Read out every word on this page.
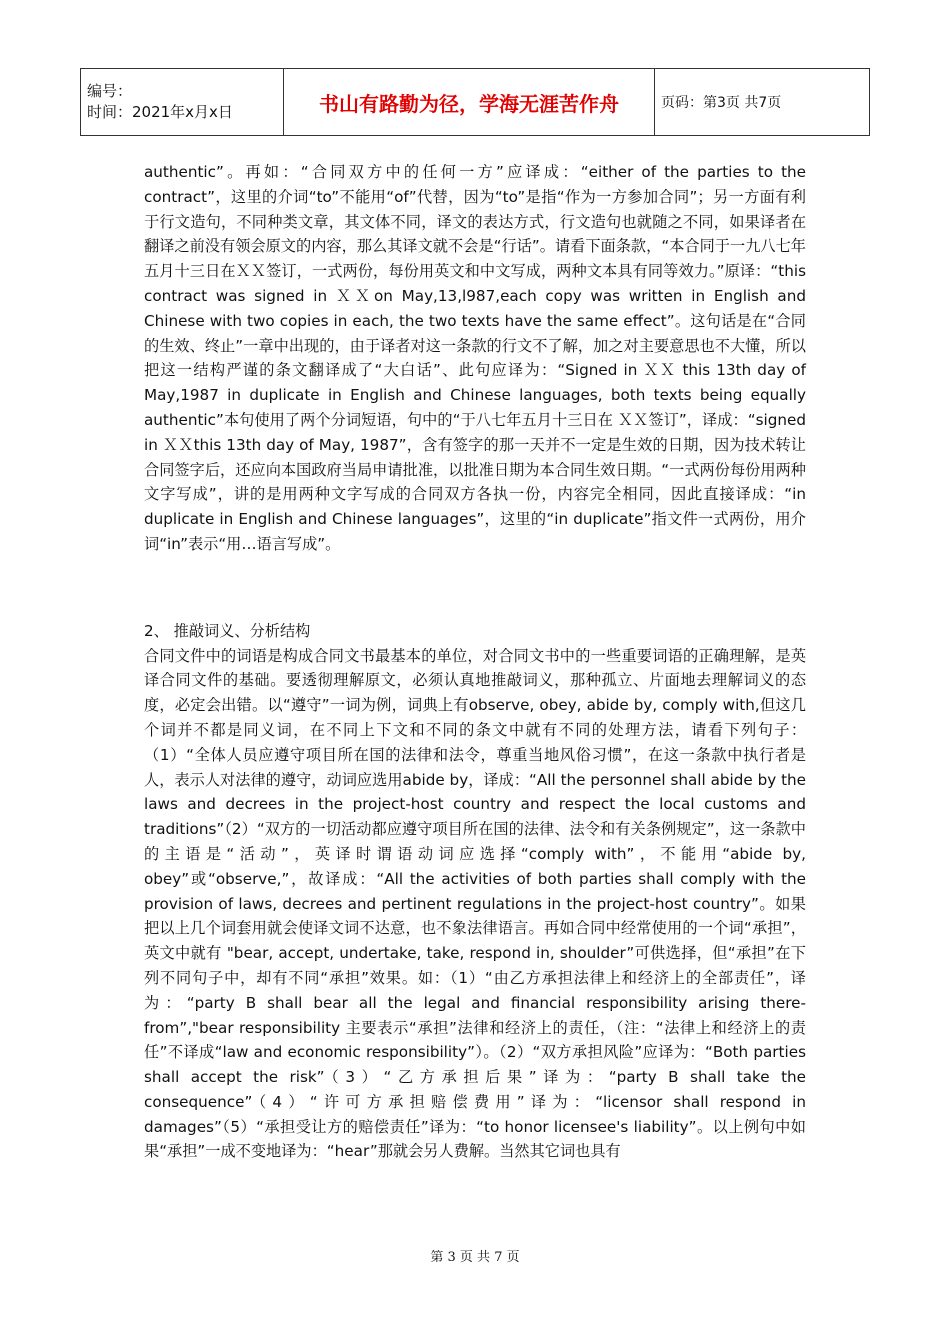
编号：
时间：2021年x月x日	书山有路勤为径，学海无涯苦作舟	页码：第3页 共7页

authentic”。再如：“合同双方中的任何一方”应译成：“either of the parties to the contract”，这里的介词“to”不能用“of”代替，因为“to”是指“作为一方参加合同”；另一方面有利于行文造句，不同种类文章，其文体不同，译文的表达方式，行文造句也就随之不同，如果译者在翻译之前没有领会原文的内容，那么其译文就不会是“行话”。请看下面条款，“本合同于一九八七年五月十三日在ＸＸ签订，一式两份，每份用英文和中文写成，两种文本具有同等效力。”原译：“this contract was signed in ＸＸon May,13,l987,each copy was written in English and Chinese with two copies in each, the two texts have the same effect”。这句话是在“合同的生效、终止”一章中出现的，由于译者对这一条款的行文不了解，加之对主要意思也不大懂，所以把这一结构严谨的条文翻译成了“大白话”、此句应译为：“Signed in ＸＸ this 13th day of May,1987 in duplicate in English and Chinese languages, both texts being equally authentic”本句使用了两个分词短语，句中的“于八七年五月十三日在 ＸＸ签订”，译成：“signed in ＸＸthis 13th day of May, 1987”，含有签字的那一天并不一定是生效的日期，因为技术转让合同签字后，还应向本国政府当局申请批准，以批准日期为本合同生效日期。“一式两份每份用两种文字写成”，讲的是用两种文字写成的合同双方各执一份，内容完全相同，因此直接译成：“in duplicate in English and Chinese languages”，这里的“in duplicate”指文件一式两份，用介词“in”表示“用…语言写成”。

2、 推敲词义、分析结构

合同文件中的词语是构成合同文书最基本的单位，对合同文书中的一些重要词语的正确理解，是英译合同文件的基础。要透彻理解原文，必须认真地推敲词义，那种孤立、片面地去理解词义的态度，必定会出错。以“遵守”一词为例，词典上有observe, obey, abide by, comply with,但这几个词并不都是同义词，在不同上下文和不同的条文中就有不同的处理方法，请看下列句子：（1）“全体人员应遵守项目所在国的法律和法令，尊重当地风俗习惯”，在这一条款中执行者是人，表示人对法律的遵守，动词应选用abide by，译成：“All the personnel shall abide by the laws and decrees in the project-host country and respect the local customs and traditions”（2）“双方的一切活动都应遵守项目所在国的法律、法令和有关条例规定”，这一条款中的主语是“活动”，英译时谓语动词应选择“comply with”，不能用“abide by, obey”或“observe,”，故译成：“All the activities of both parties shall comply with the provision of laws, decrees and pertinent regulations in the project-host country”。如果把以上几个词套用就会使译文词不达意，也不象法律语言。再如合同中经常使用的一个词“承担”，英文中就有 "bear, accept, undertake, take, respond in, shoulder”可供选择，但“承担”在下列不同句子中，却有不同“承担”效果。如：（1）“由乙方承担法律上和经济上的全部责任”，译为：“party B shall bear all the legal and financial responsibility arising there-from”,"bear responsibility 主要表示“承担”法律和经济上的责任，（注：“法律上和经济上的责任”不译成“law and economic responsibility”）。（2）“双方承担风险”应译为：“Both parties shall accept the risk”（3）“乙方承担后果”译为：“party B shall take the consequence”（4）“许可方承担赔偿费用”译为：“licensor shall respond in damages”（5）“承担受让方的赔偿责任”译为：“to honor licensee's liability”。以上例句中如果“承担”一成不变地译为：“hear”那就会另人费解。当然其它词也具有

第 3 页 共 7 页
